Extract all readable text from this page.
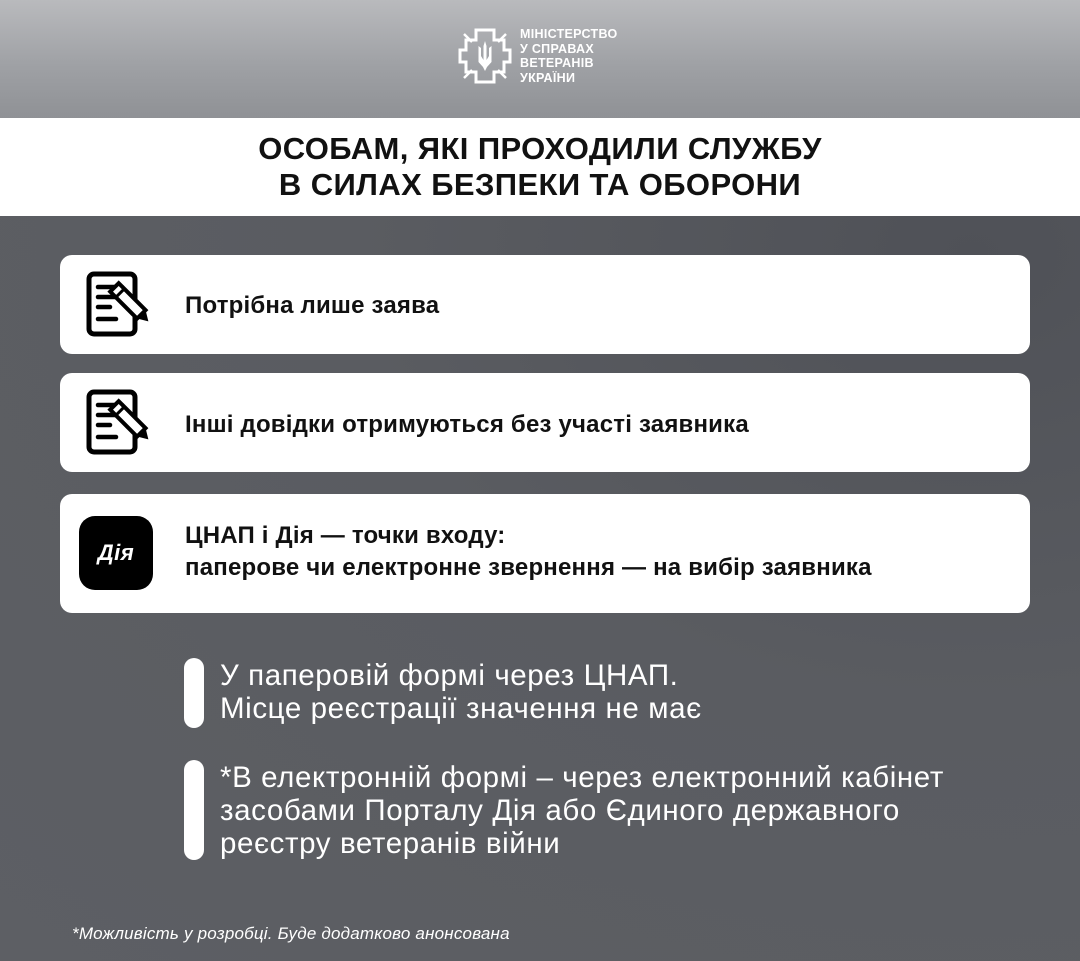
МІНІСТЕРСТВО
У СПРАВАХ
ВЕТЕРАНІВ
УКРАЇНИ
ОСОБАМ, ЯКІ ПРОХОДИЛИ СЛУЖБУ
В СИЛАХ БЕЗПЕКИ ТА ОБОРОНИ
Потрібна лише заява
Інші довідки отримуються без участі заявника
Дія
ЦНАП і Дія — точки входу:
паперове чи електронне звернення — на вибір заявника
У паперовій формі через ЦНАП.
Місце реєстрації значення не має
*В електронній формі – через електронний кабінет
засобами Порталу Дія або Єдиного державного
реєстру ветеранів війни
*Можливість у розробці. Буде додатково анонсована
